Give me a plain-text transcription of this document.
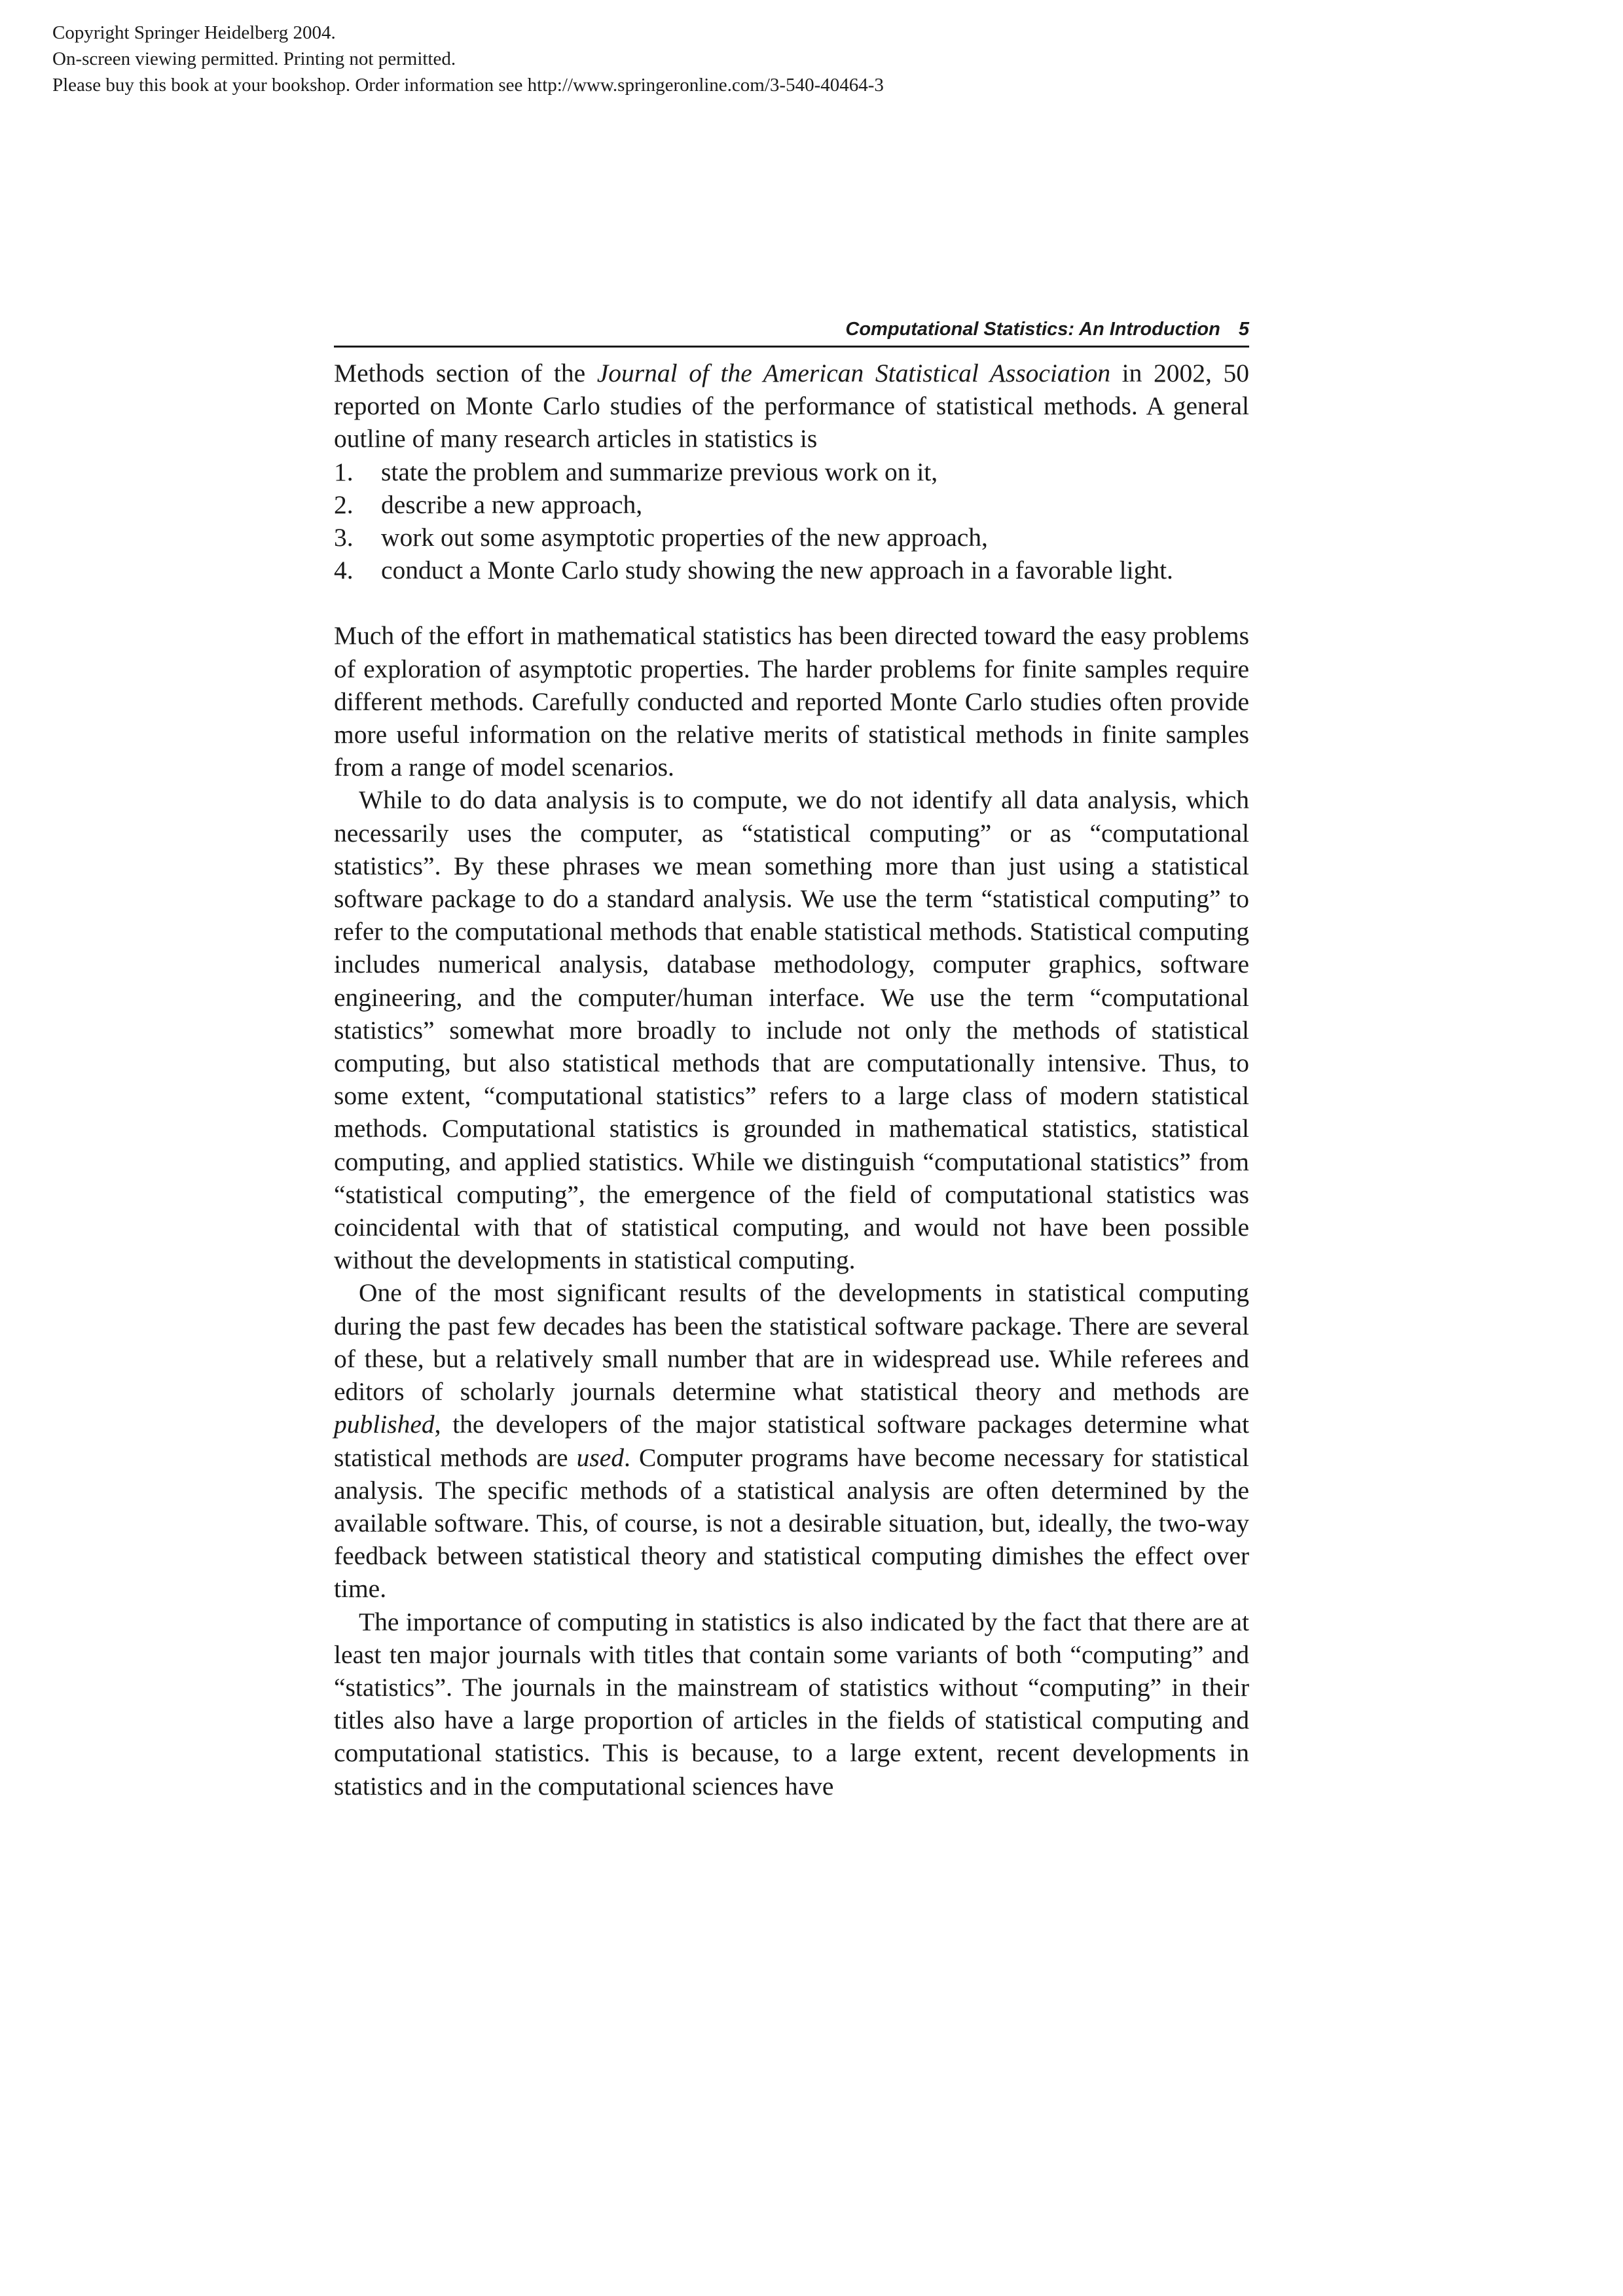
Copyright Springer Heidelberg 2004.
On-screen viewing permitted. Printing not permitted.
Please buy this book at your bookshop. Order information see http://www.springeronline.com/3-540-40464-3
Computational Statistics: An Introduction 5

Methods section of the Journal of the American Statistical Association in 2002, 50 reported on Monte Carlo studies of the performance of statistical methods. A general outline of many research articles in statistics is

1. state the problem and summarize previous work on it,
2. describe a new approach,
3. work out some asymptotic properties of the new approach,
4. conduct a Monte Carlo study showing the new approach in a favorable light.

Much of the effort in mathematical statistics has been directed toward the easy problems of exploration of asymptotic properties. The harder problems for finite samples require different methods. Carefully conducted and reported Monte Carlo studies often provide more useful information on the relative merits of statistical methods in finite samples from a range of model scenarios.

While to do data analysis is to compute, we do not identify all data analysis, which necessarily uses the computer, as “statistical computing” or as “computational statistics”. By these phrases we mean something more than just using a statistical software package to do a standard analysis. We use the term “statistical computing” to refer to the computational methods that enable statistical methods. Statistical computing includes numerical analysis, database methodology, computer graphics, software engineering, and the computer/human interface. We use the term “computational statistics” somewhat more broadly to include not only the methods of statistical computing, but also statistical methods that are computationally intensive. Thus, to some extent, “computational statistics” refers to a large class of modern statistical methods. Computational statistics is grounded in mathematical statistics, statistical computing, and applied statistics. While we distinguish “computational statistics” from “statistical computing”, the emergence of the field of computational statistics was coincidental with that of statistical computing, and would not have been possible without the developments in statistical computing.

One of the most significant results of the developments in statistical computing during the past few decades has been the statistical software package. There are several of these, but a relatively small number that are in widespread use. While referees and editors of scholarly journals determine what statistical theory and methods are published, the developers of the major statistical software packages determine what statistical methods are used. Computer programs have become necessary for statistical analysis. The specific methods of a statistical analysis are often determined by the available software. This, of course, is not a desirable situation, but, ideally, the two-way feedback between statistical theory and statistical computing dimishes the effect over time.

The importance of computing in statistics is also indicated by the fact that there are at least ten major journals with titles that contain some variants of both “computing” and “statistics”. The journals in the mainstream of statistics without “computing” in their titles also have a large proportion of articles in the fields of statistical computing and computational statistics. This is because, to a large extent, recent developments in statistics and in the computational sciences have
